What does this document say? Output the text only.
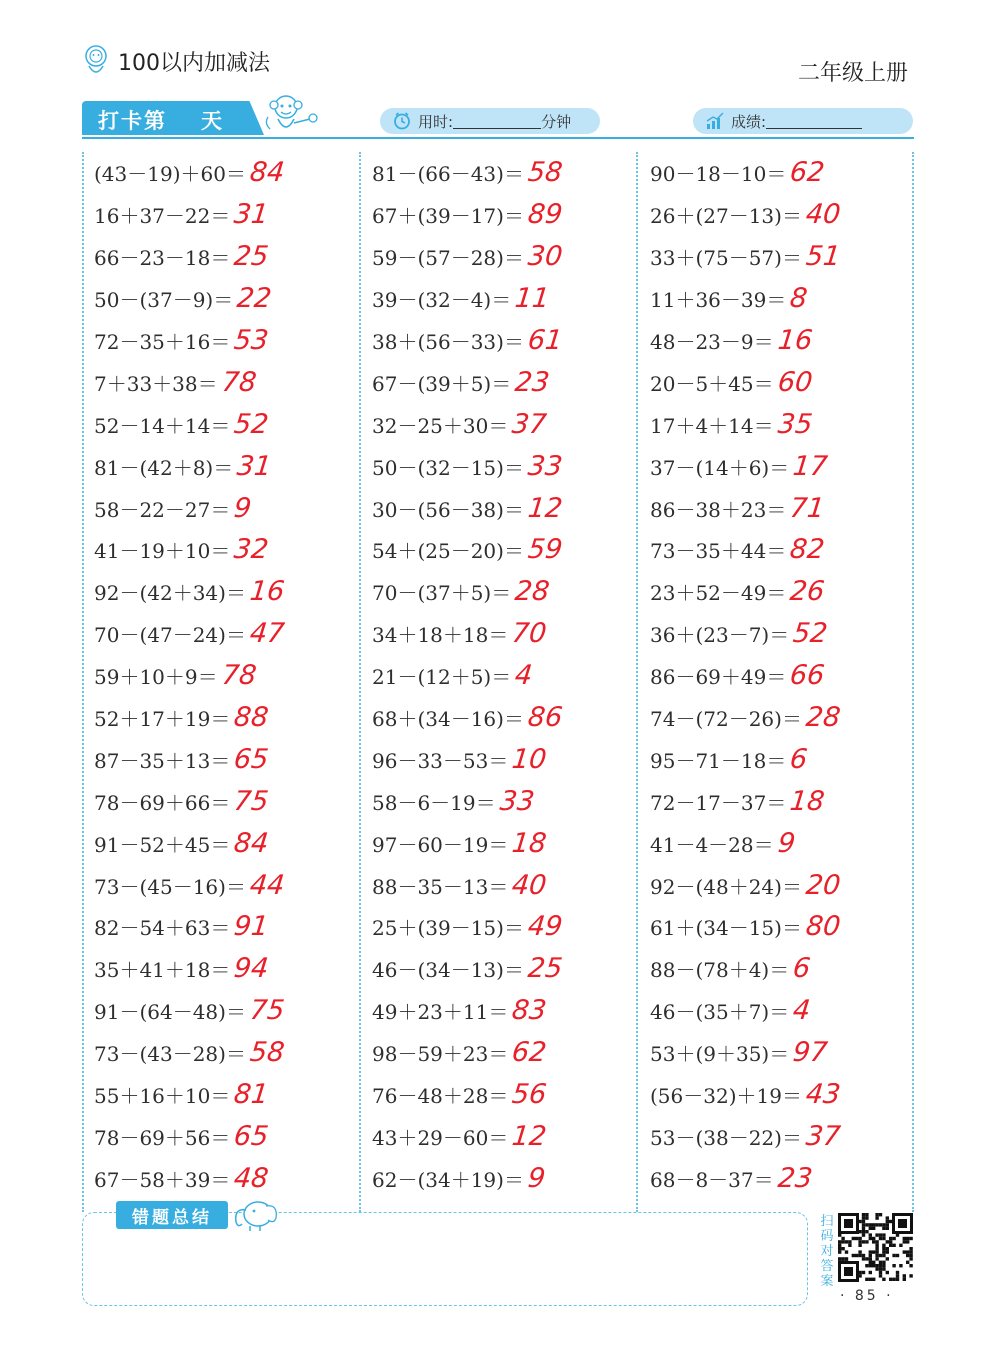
100以内加减法	二年级上册
打卡第 天	用时:	分钟	成绩:
(43－19)＋60＝ 84
16＋37－22＝ 31
66－23－18＝ 25
50－(37－9)＝ 22
72－35＋16＝ 53
7＋33＋38＝ 78
52－14＋14＝ 52
81－(42＋8)＝ 31
58－22－27＝ 9
41－19＋10＝ 32
92－(42＋34)＝ 16
70－(47－24)＝ 47
59＋10＋9＝ 78
52＋17＋19＝ 88
87－35＋13＝ 65
78－69＋66＝ 75
91－52＋45＝ 84
73－(45－16)＝ 44
82－54＋63＝ 91
35＋41＋18＝ 94
91－(64－48)＝ 75
73－(43－28)＝ 58
55＋16＋10＝ 81
78－69＋56＝ 65
67－58＋39＝ 48
81－(66－43)＝ 58
67＋(39－17)＝ 89
59－(57－28)＝ 30
39－(32－4)＝ 11
38＋(56－33)＝ 61
67－(39＋5)＝ 23
32－25＋30＝ 37
50－(32－15)＝ 33
30－(56－38)＝ 12
54＋(25－20)＝ 59
70－(37＋5)＝ 28
34＋18＋18＝ 70
21－(12＋5)＝ 4
68＋(34－16)＝ 86
96－33－53＝ 10
58－6－19＝ 33
97－60－19＝ 18
88－35－13＝ 40
25＋(39－15)＝ 49
46－(34－13)＝ 25
49＋23＋11＝ 83
98－59＋23＝ 62
76－48＋28＝ 56
43＋29－60＝ 12
62－(34＋19)＝ 9
90－18－10＝ 62
26＋(27－13)＝ 40
33＋(75－57)＝ 51
11＋36－39＝ 8
48－23－9＝ 16
20－5＋45＝ 60
17＋4＋14＝ 35
37－(14＋6)＝ 17
86－38＋23＝ 71
73－35＋44＝ 82
23＋52－49＝ 26
36＋(23－7)＝ 52
86－69＋49＝ 66
74－(72－26)＝ 28
95－71－18＝ 6
72－17－37＝ 18
41－4－28＝ 9
92－(48＋24)＝ 20
61＋(34－15)＝ 80
88－(78＋4)＝ 6
46－(35＋7)＝ 4
53＋(9＋35)＝ 97
(56－32)＋19＝ 43
53－(38－22)＝ 37
68－8－37＝ 23
错题总结	扫码对答案
· 85 ·
